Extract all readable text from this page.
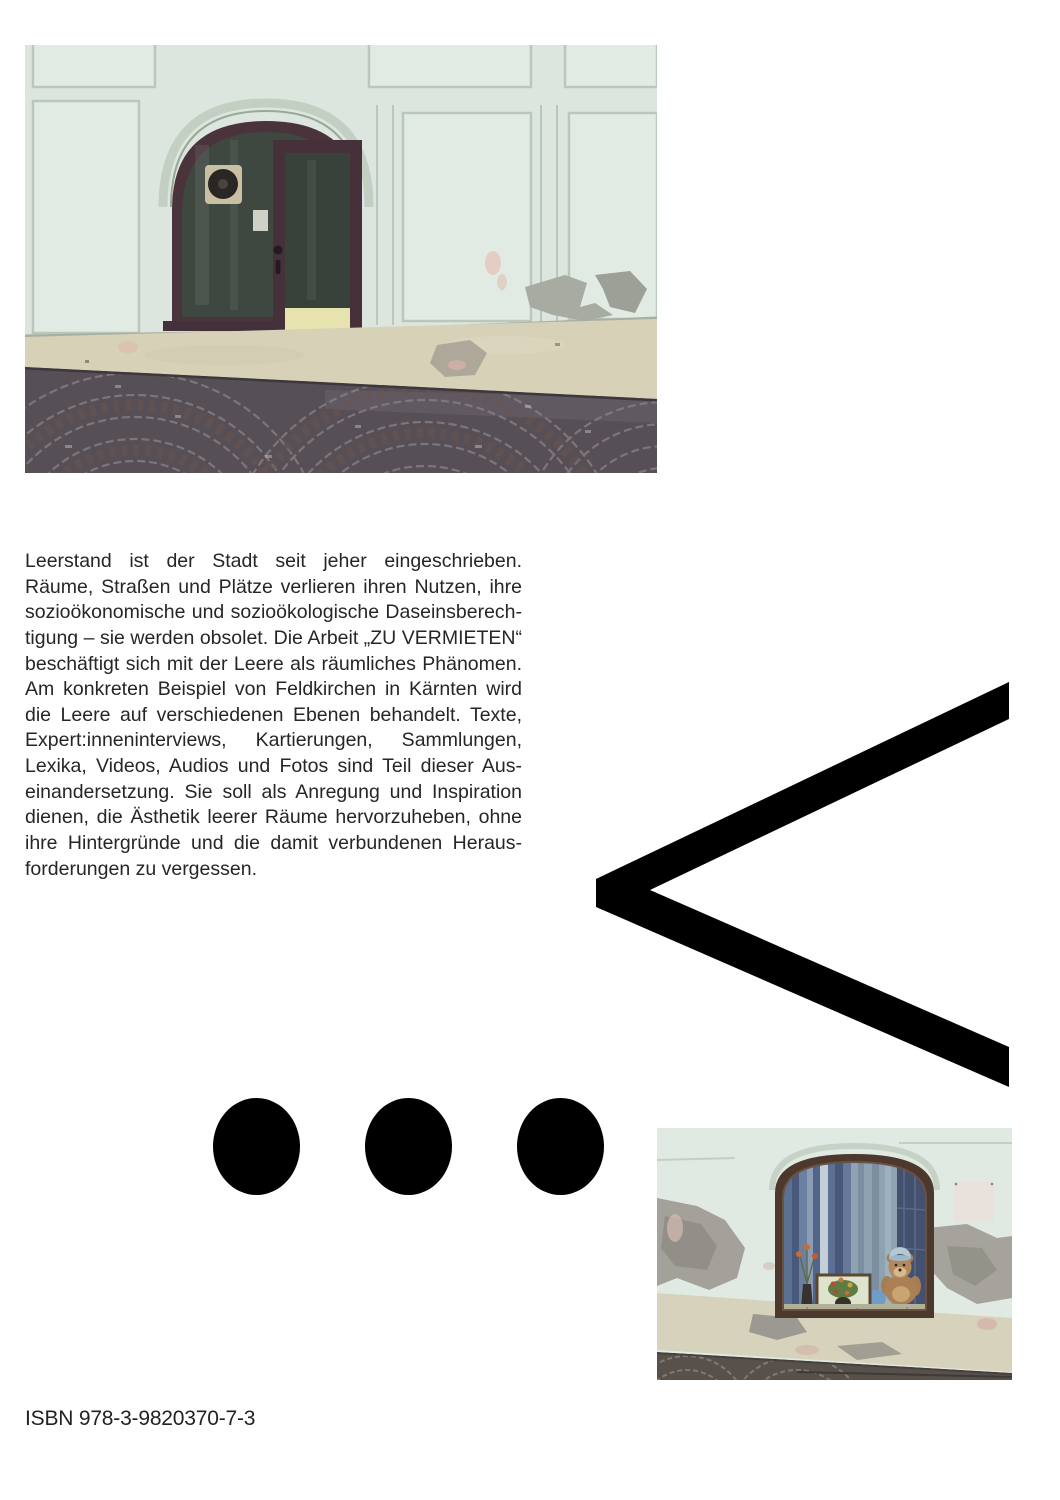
Leerstand ist der Stadt seit jeher eingeschrieben.
Räume, Straßen und Plätze verlieren ihren Nutzen, ihre
sozioökonomische und sozioökologische Daseinsberech-
tigung – sie werden obsolet. Die Arbeit „ZU VERMIETEN“
beschäftigt sich mit der Leere als räumliches Phänomen.
Am konkreten Beispiel von Feldkirchen in Kärnten wird
die Leere auf verschiedenen Ebenen behandelt. Texte,
Expert:inneninterviews, Kartierungen, Sammlungen,
Lexika, Videos, Audios und Fotos sind Teil dieser Aus-
einandersetzung. Sie soll als Anregung und Inspiration
dienen, die Ästhetik leerer Räume hervorzuheben, ohne
ihre Hintergründe und die damit verbundenen Heraus-
forderungen zu vergessen.
ISBN 978-3-9820370-7-3
